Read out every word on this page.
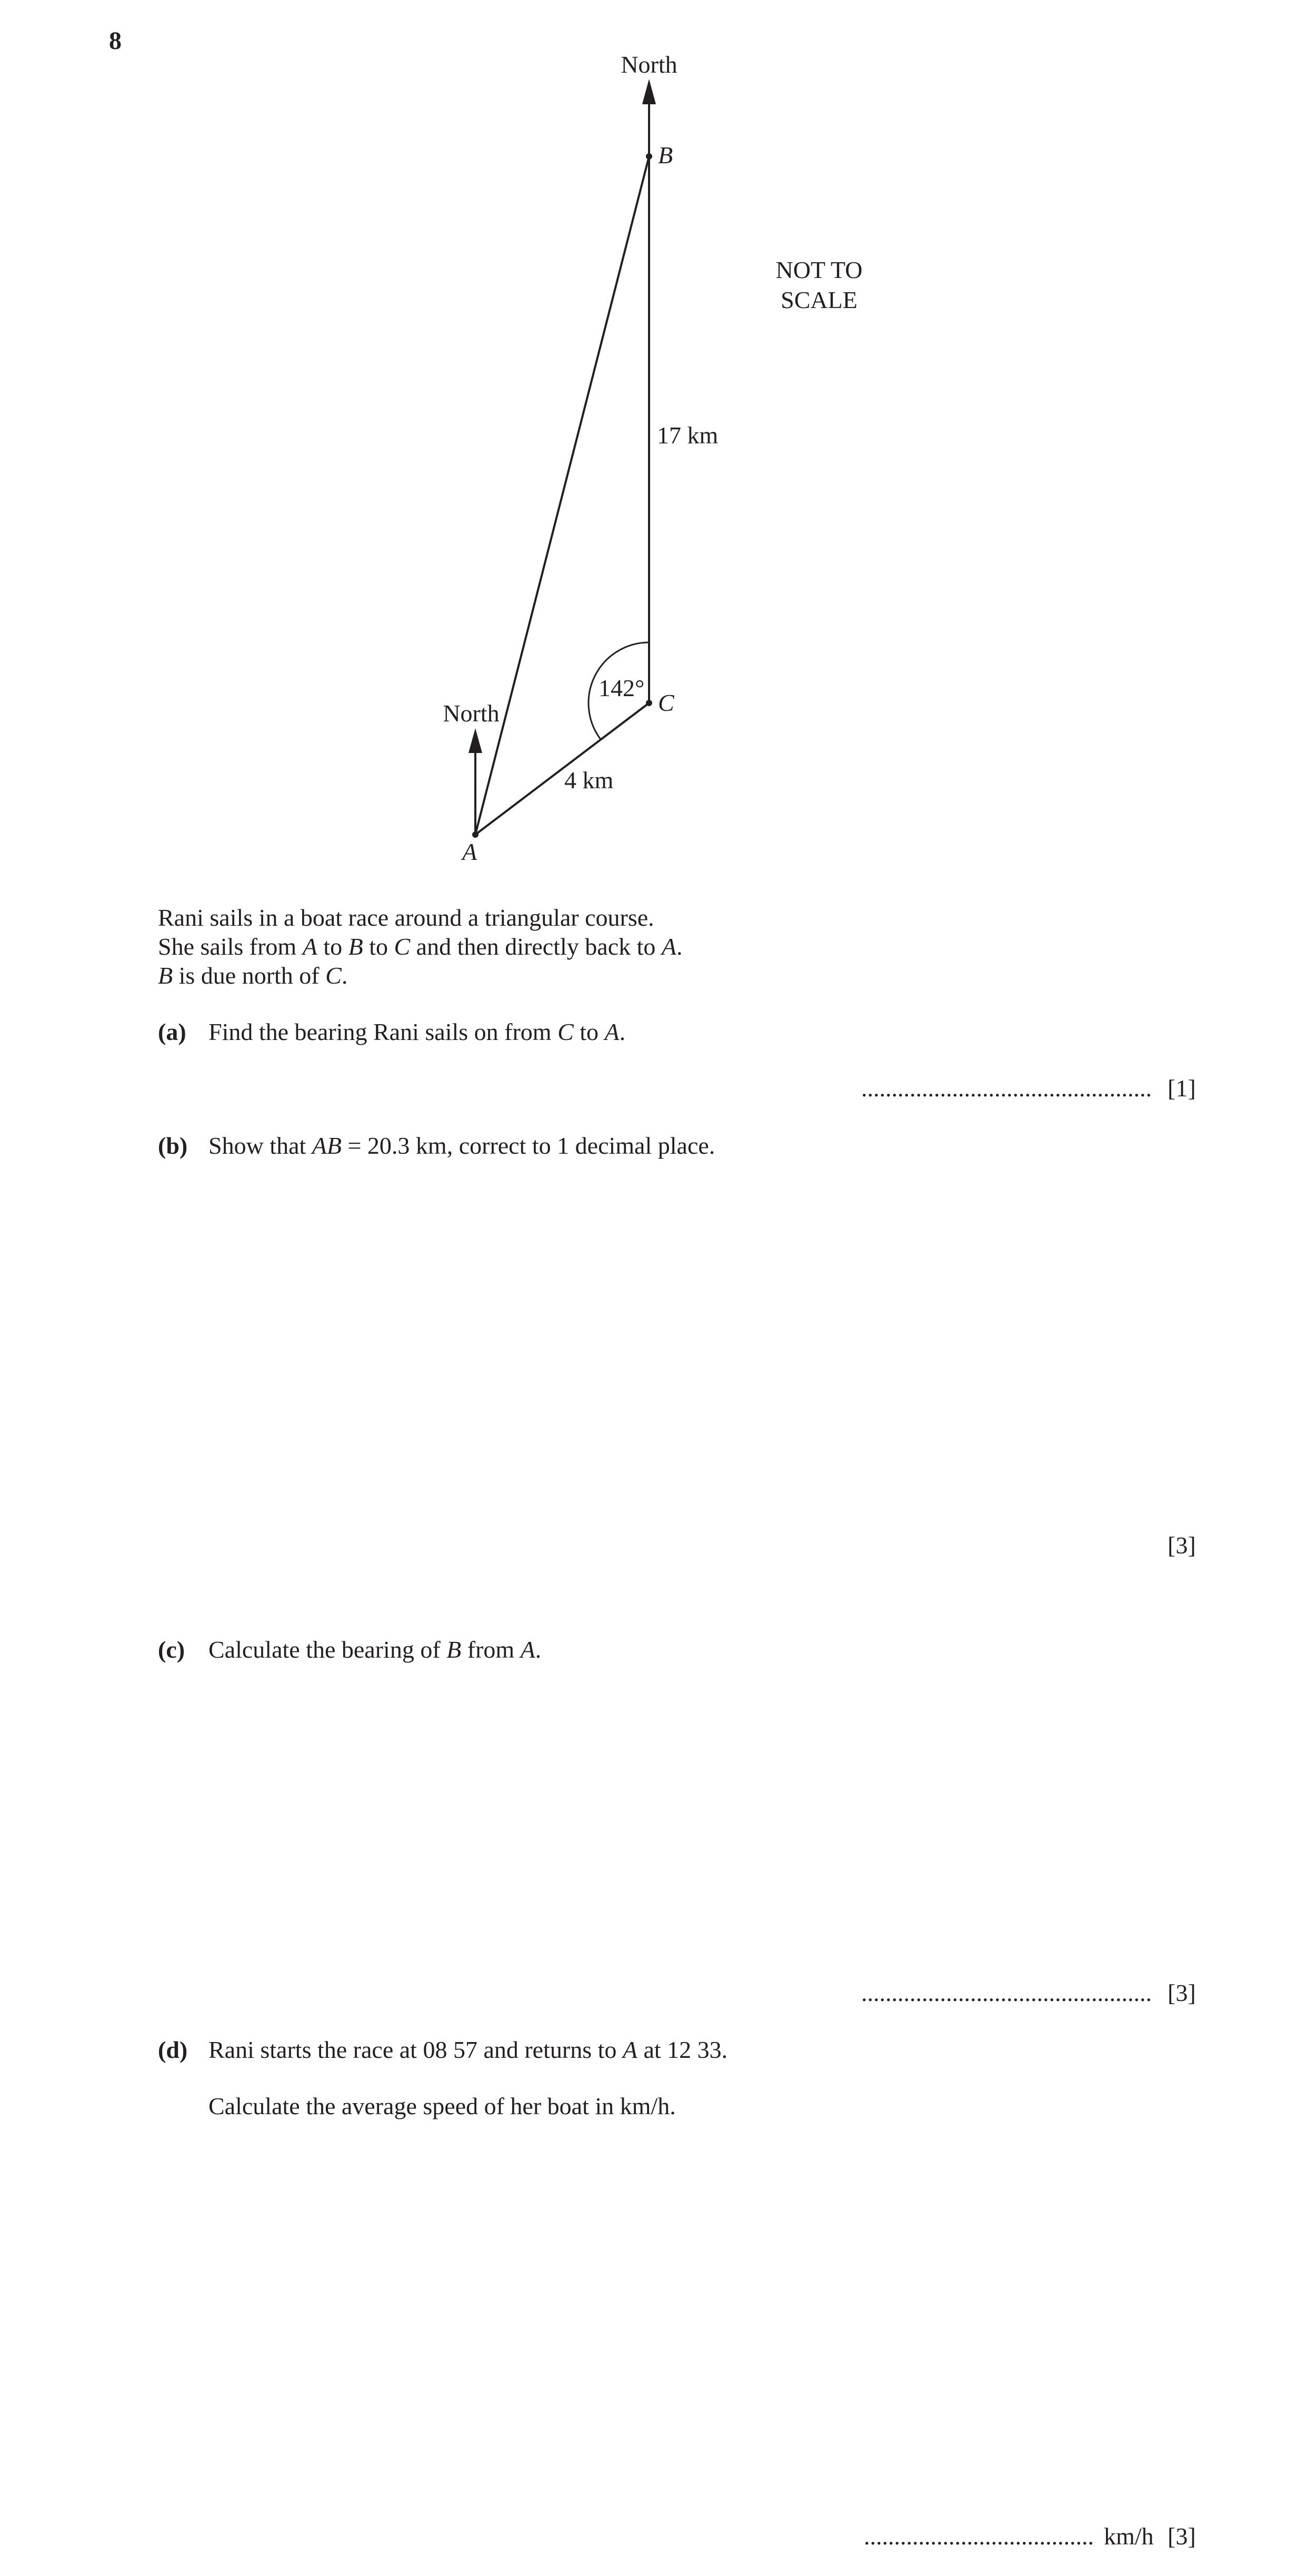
8
North
North
B
C
A
17 km
4 km
142°
NOT TO
SCALE
Rani sails in a boat race around a triangular course.
She sails from A to B to C and then directly back to A.
B is due north of C.
(a) Find the bearing Rani sails on from C to A.
................................................ [1]
(b) Show that AB = 20.3 km, correct to 1 decimal place.
[3]
(c) Calculate the bearing of B from A.
................................................ [3]
(d) Rani starts the race at 08 57 and returns to A at 12 33.
Calculate the average speed of her boat in km/h.
...................................... km/h [3]
